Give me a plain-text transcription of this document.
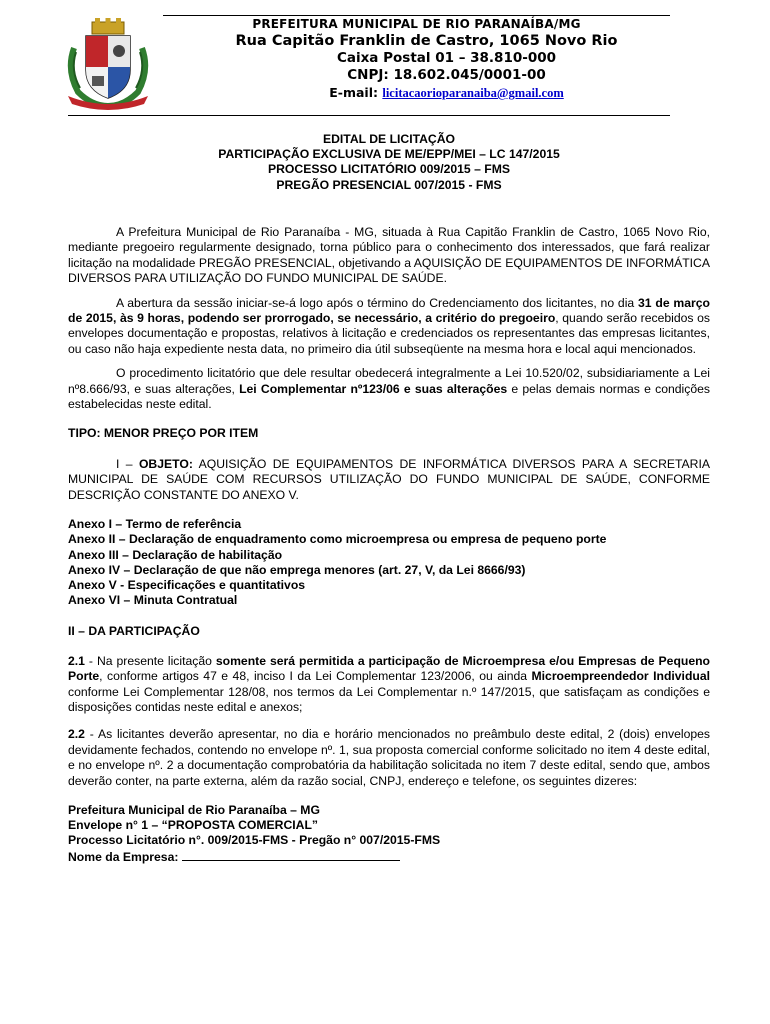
PREFEITURA MUNICIPAL DE RIO PARANAÍBA/MG
Rua Capitão Franklin de Castro, 1065 Novo Rio
Caixa Postal 01 – 38.810-000
CNPJ: 18.602.045/0001-00
E-mail: licitacaorioparanaiba@gmail.com
EDITAL DE LICITAÇÃO
PARTICIPAÇÃO EXCLUSIVA DE ME/EPP/MEI – LC 147/2015
PROCESSO LICITATÓRIO 009/2015 – FMS
PREGÃO PRESENCIAL 007/2015 - FMS

A Prefeitura Municipal de Rio Paranaíba - MG, situada à Rua Capitão Franklin de Castro, 1065 Novo Rio, mediante pregoeiro regularmente designado, torna público para o conhecimento dos interessados, que fará realizar licitação na modalidade PREGÃO PRESENCIAL, objetivando a AQUISIÇÃO DE EQUIPAMENTOS DE INFORMÁTICA DIVERSOS PARA UTILIZAÇÃO DO FUNDO MUNICIPAL DE SAÚDE.

A abertura da sessão iniciar-se-á logo após o término do Credenciamento dos licitantes, no dia 31 de março de 2015, às 9 horas, podendo ser prorrogado, se necessário, a critério do pregoeiro, quando serão recebidos os envelopes documentação e propostas, relativos à licitação e credenciados os representantes das empresas licitantes, ou caso não haja expediente nesta data, no primeiro dia útil subseqüente na mesma hora e local aqui mencionados.

O procedimento licitatório que dele resultar obedecerá integralmente a Lei 10.520/02, subsidiariamente a Lei nº8.666/93, e suas alterações, Lei Complementar nº123/06 e suas alterações e pelas demais normas e condições estabelecidas neste edital.

TIPO: MENOR PREÇO POR ITEM

I – OBJETO: AQUISIÇÃO DE EQUIPAMENTOS DE INFORMÁTICA DIVERSOS PARA A SECRETARIA MUNICIPAL DE SAÚDE COM RECURSOS UTILIZAÇÃO DO FUNDO MUNICIPAL DE SAÚDE, CONFORME DESCRIÇÃO CONSTANTE DO ANEXO V.

Anexo I – Termo de referência
Anexo II – Declaração de enquadramento como microempresa ou empresa de pequeno porte
Anexo III – Declaração de habilitação
Anexo IV – Declaração de que não emprega menores (art. 27, V, da Lei 8666/93)
Anexo V - Especificações e quantitativos
Anexo VI – Minuta Contratual

II – DA PARTICIPAÇÃO

2.1 - Na presente licitação somente será permitida a participação de Microempresa e/ou Empresas de Pequeno Porte, conforme artigos 47 e 48, inciso I da Lei Complementar 123/2006, ou ainda Microempreendedor Individual conforme Lei Complementar 128/08, nos termos da Lei Complementar n.º 147/2015, que satisfaçam as condições e disposições contidas neste edital e anexos;

2.2 - As licitantes deverão apresentar, no dia e horário mencionados no preâmbulo deste edital, 2 (dois) envelopes devidamente fechados, contendo no envelope nº. 1, sua proposta comercial conforme solicitado no item 4 deste edital, e no envelope nº. 2 a documentação comprobatória da habilitação solicitada no item 7 deste edital, sendo que, ambos deverão conter, na parte externa, além da razão social, CNPJ, endereço e telefone, os seguintes dizeres:

Prefeitura Municipal de Rio Paranaíba – MG
Envelope n° 1 – “PROPOSTA COMERCIAL”
Processo Licitatório n°. 009/2015-FMS - Pregão n° 007/2015-FMS
Nome da Empresa:
